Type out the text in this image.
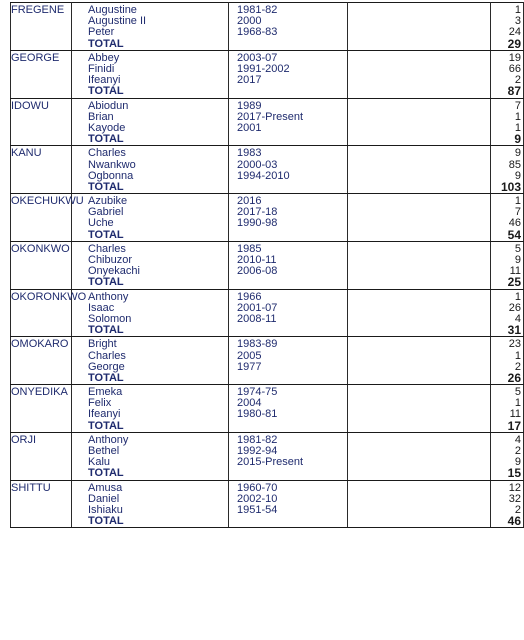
FREGENE	Augustine	1981-82		1
	Augustine II	2000		3
	Peter	1968-83		24
	TOTAL			29
GEORGE	Abbey	2003-07		19
	Finidi	1991-2002		66
	Ifeanyi	2017		2
	TOTAL			87
IDOWU	Abiodun	1989		7
	Brian	2017-Present		1
	Kayode	2001		1
	TOTAL			9
KANU	Charles	1983		9
	Nwankwo	2000-03		85
	Ogbonna	1994-2010		9
	TOTAL			103
OKECHUKWU	Azubike	2016		1
	Gabriel	2017-18		7
	Uche	1990-98		46
	TOTAL			54
OKONKWO	Charles	1985		5
	Chibuzor	2010-11		9
	Onyekachi	2006-08		11
	TOTAL			25
OKORONKWO	Anthony	1966		1
	Isaac	2001-07		26
	Solomon	2008-11		4
	TOTAL			31
OMOKARO	Bright	1983-89		23
	Charles	2005		1
	George	1977		2
	TOTAL			26
ONYEDIKA	Emeka	1974-75		5
	Felix	2004		1
	Ifeanyi	1980-81		11
	TOTAL			17
ORJI	Anthony	1981-82		4
	Bethel	1992-94		2
	Kalu	2015-Present		9
	TOTAL			15
SHITTU	Amusa	1960-70		12
	Daniel	2002-10		32
	Ishiaku	1951-54		2
	TOTAL			46
